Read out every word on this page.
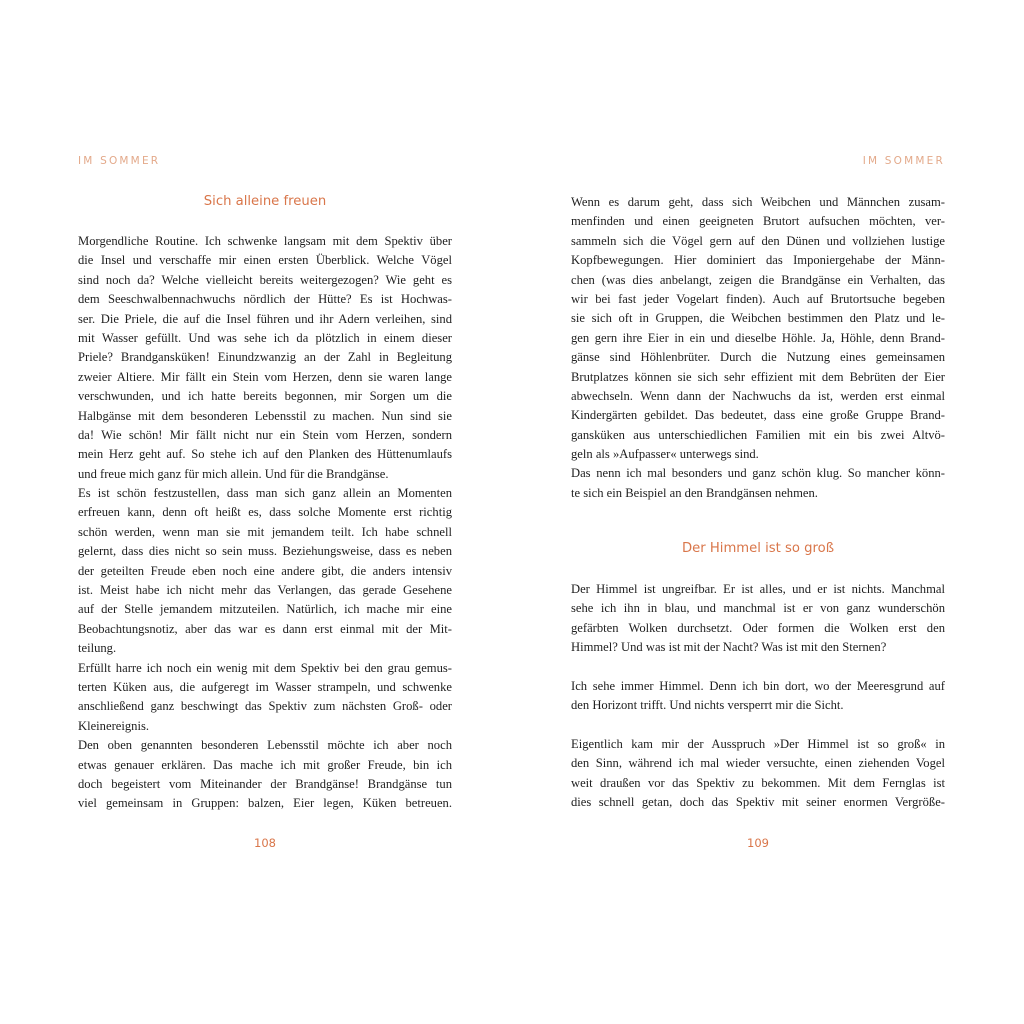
IM SOMMER
Sich alleine freuen
Morgendliche Routine. Ich schwenke langsam mit dem Spektiv über
die Insel und verschaffe mir einen ersten Überblick. Welche Vögel
sind noch da? Welche vielleicht bereits weitergezogen? Wie geht es
dem Seeschwalbennachwuchs nördlich der Hütte? Es ist Hochwas-
ser. Die Priele, die auf die Insel führen und ihr Adern verleihen, sind
mit Wasser gefüllt. Und was sehe ich da plötzlich in einem dieser
Priele? Brandgansküken! Einundzwanzig an der Zahl in Begleitung
zweier Altiere. Mir fällt ein Stein vom Herzen, denn sie waren lange
verschwunden, und ich hatte bereits begonnen, mir Sorgen um die
Halbgänse mit dem besonderen Lebensstil zu machen. Nun sind sie
da! Wie schön! Mir fällt nicht nur ein Stein vom Herzen, sondern
mein Herz geht auf. So stehe ich auf den Planken des Hüttenumlaufs
und freue mich ganz für mich allein. Und für die Brandgänse.
Es ist schön festzustellen, dass man sich ganz allein an Momenten
erfreuen kann, denn oft heißt es, dass solche Momente erst richtig
schön werden, wenn man sie mit jemandem teilt. Ich habe schnell
gelernt, dass dies nicht so sein muss. Beziehungsweise, dass es neben
der geteilten Freude eben noch eine andere gibt, die anders intensiv
ist. Meist habe ich nicht mehr das Verlangen, das gerade Gesehene
auf der Stelle jemandem mitzuteilen. Natürlich, ich mache mir eine
Beobachtungsnotiz, aber das war es dann erst einmal mit der Mit-
teilung.
Erfüllt harre ich noch ein wenig mit dem Spektiv bei den grau gemus-
terten Küken aus, die aufgeregt im Wasser strampeln, und schwenke
anschließend ganz beschwingt das Spektiv zum nächsten Groß- oder
Kleinereignis.
Den oben genannten besonderen Lebensstil möchte ich aber noch
etwas genauer erklären. Das mache ich mit großer Freude, bin ich
doch begeistert vom Miteinander der Brandgänse! Brandgänse tun
viel gemeinsam in Gruppen: balzen, Eier legen, Küken betreuen.
108
IM SOMMER
Wenn es darum geht, dass sich Weibchen und Männchen zusam-
menfinden und einen geeigneten Brutort aufsuchen möchten, ver-
sammeln sich die Vögel gern auf den Dünen und vollziehen lustige
Kopfbewegungen. Hier dominiert das Imponiergehabe der Männ-
chen (was dies anbelangt, zeigen die Brandgänse ein Verhalten, das
wir bei fast jeder Vogelart finden). Auch auf Brutortsuche begeben
sie sich oft in Gruppen, die Weibchen bestimmen den Platz und le-
gen gern ihre Eier in ein und dieselbe Höhle. Ja, Höhle, denn Brand-
gänse sind Höhlenbrüter. Durch die Nutzung eines gemeinsamen
Brutplatzes können sie sich sehr effizient mit dem Bebrüten der Eier
abwechseln. Wenn dann der Nachwuchs da ist, werden erst einmal
Kindergärten gebildet. Das bedeutet, dass eine große Gruppe Brand-
gansküken aus unterschiedlichen Familien mit ein bis zwei Altvö-
geln als »Aufpasser« unterwegs sind.
Das nenn ich mal besonders und ganz schön klug. So mancher könn-
te sich ein Beispiel an den Brandgänsen nehmen.
Der Himmel ist so groß
Der Himmel ist ungreifbar. Er ist alles, und er ist nichts. Manchmal
sehe ich ihn in blau, und manchmal ist er von ganz wunderschön
gefärbten Wolken durchsetzt. Oder formen die Wolken erst den
Himmel? Und was ist mit der Nacht? Was ist mit den Sternen?
Ich sehe immer Himmel. Denn ich bin dort, wo der Meeresgrund auf
den Horizont trifft. Und nichts versperrt mir die Sicht.
Eigentlich kam mir der Ausspruch »Der Himmel ist so groß« in
den Sinn, während ich mal wieder versuchte, einen ziehenden Vogel
weit draußen vor das Spektiv zu bekommen. Mit dem Fernglas ist
dies schnell getan, doch das Spektiv mit seiner enormen Vergröße-
109
